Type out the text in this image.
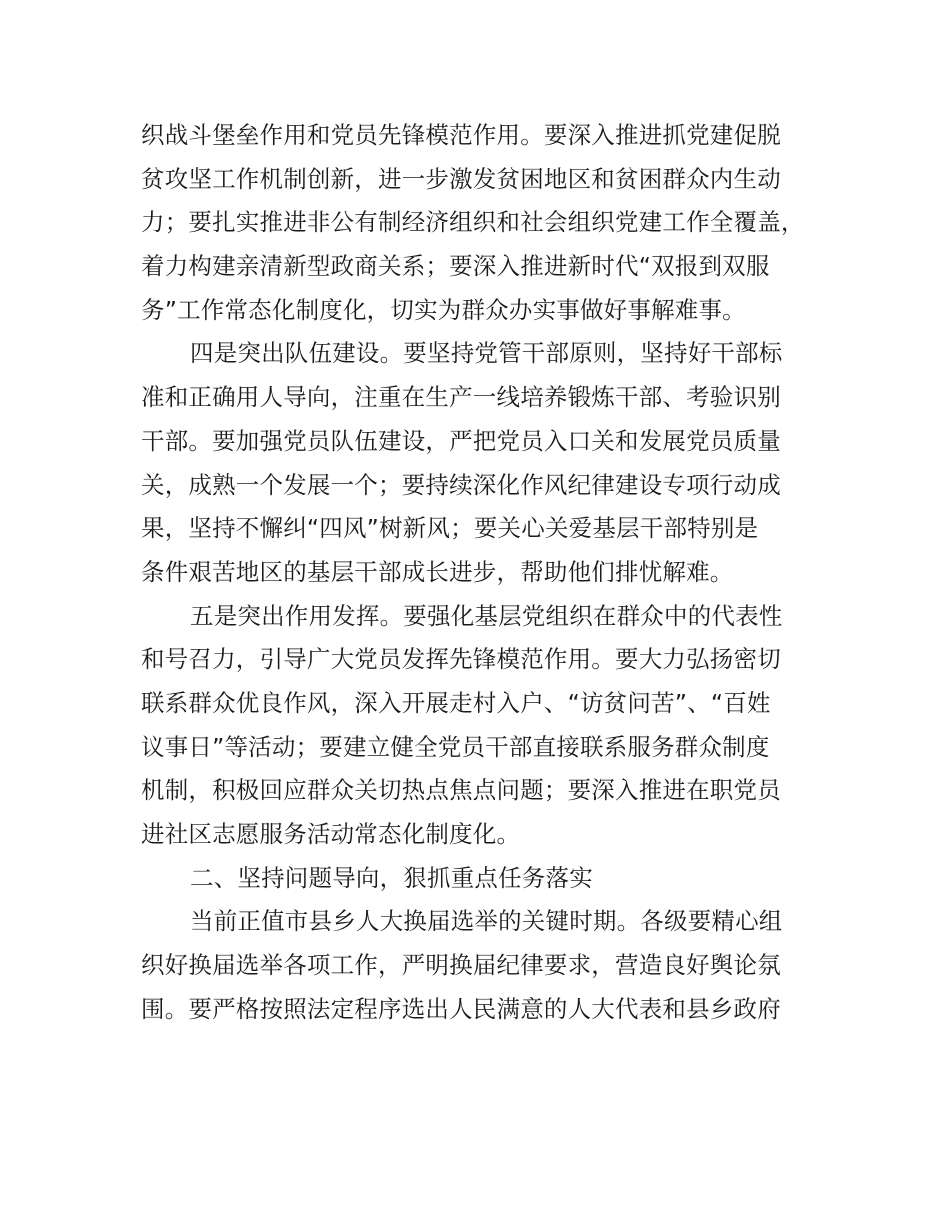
织战斗堡垒作用和党员先锋模范作用。要深入推进抓党建促脱
贫攻坚工作机制创新，进一步激发贫困地区和贫困群众内生动
力；要扎实推进非公有制经济组织和社会组织党建工作全覆盖，
着力构建亲清新型政商关系；要深入推进新时代“双报到双服
务”工作常态化制度化，切实为群众办实事做好事解难事。
四是突出队伍建设。要坚持党管干部原则，坚持好干部标
准和正确用人导向，注重在生产一线培养锻炼干部、考验识别
干部。要加强党员队伍建设，严把党员入口关和发展党员质量
关，成熟一个发展一个；要持续深化作风纪律建设专项行动成
果，坚持不懈纠“四风”树新风；要关心关爱基层干部特别是
条件艰苦地区的基层干部成长进步，帮助他们排忧解难。
五是突出作用发挥。要强化基层党组织在群众中的代表性
和号召力，引导广大党员发挥先锋模范作用。要大力弘扬密切
联系群众优良作风，深入开展走村入户、“访贫问苦”、“百姓
议事日”等活动；要建立健全党员干部直接联系服务群众制度
机制，积极回应群众关切热点焦点问题；要深入推进在职党员
进社区志愿服务活动常态化制度化。
二、坚持问题导向，狠抓重点任务落实
当前正值市县乡人大换届选举的关键时期。各级要精心组
织好换届选举各项工作，严明换届纪律要求，营造良好舆论氛
围。要严格按照法定程序选出人民满意的人大代表和县乡政府
